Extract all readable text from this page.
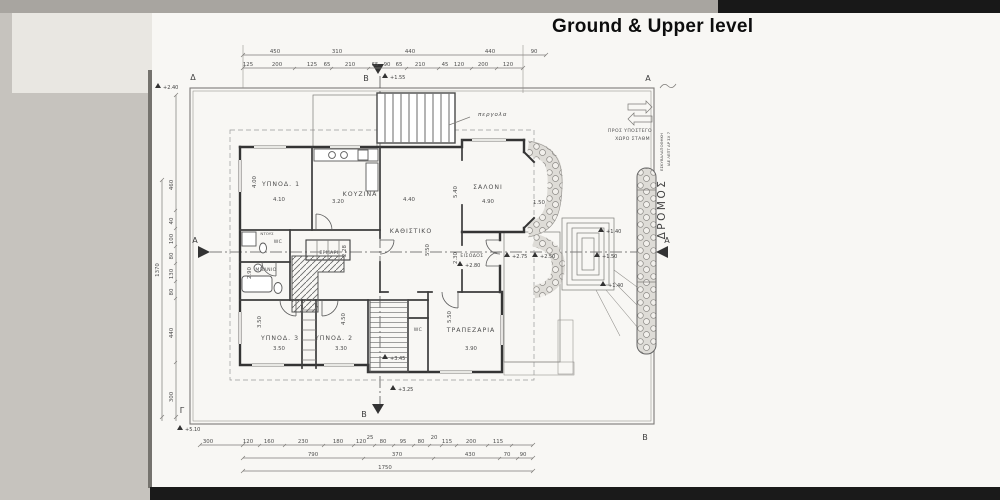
Ground & Upper level
Δ	A
Γ
B
A	A
B
B
ΥΠΝΟΔ. 1
4.10
4.00
ΚΟΥΖΙΝΑ
3.20
ΚΑΘΙΣΤΙΚΟ
4.40
5.50
ΣΑΛΟΝΙ
4.90
5.40
1.50
ΕΙΣΟΔΟΣ
2.30
ΕΡΜΑΡΙ 2.28
ΜΠΑΝΙΟ
2.90
ΝΤΟΥΣ
WC
WC
ΥΠΝΟΔ. 3
3.50
3.50
ΥΠΝΟΔ. 2
3.30
4.50
ΤΡΑΠΕΖΑΡΙΑ
3.90
5.50
περγολα
ΠΡΟΣ ΥΠΟΣΤΕΓΟ
ΧΩΡΟ ΣΤΑΘΜ ΕΣΚΥΒΑΛΑΠΟΘΗΚΗ ΙΔΕ ΛΕΠΤ ΑΡ ΣΧ 7
ΔΡΟΜΟΣ
+2.40
+1.55
+2.80
+2.75	+2.50	+1.50
+1.40
+1.40
+3.25
+3.45
+5.10
450	310	440	440	90
125	200	125 65	210	65 90 65 210	45 120	200	120
460
40
100
80
130
80
440
300
1370
300	120 160	230	180 120
25
80 95 80
20
115	200	115
790	370	430	70 90
1750
